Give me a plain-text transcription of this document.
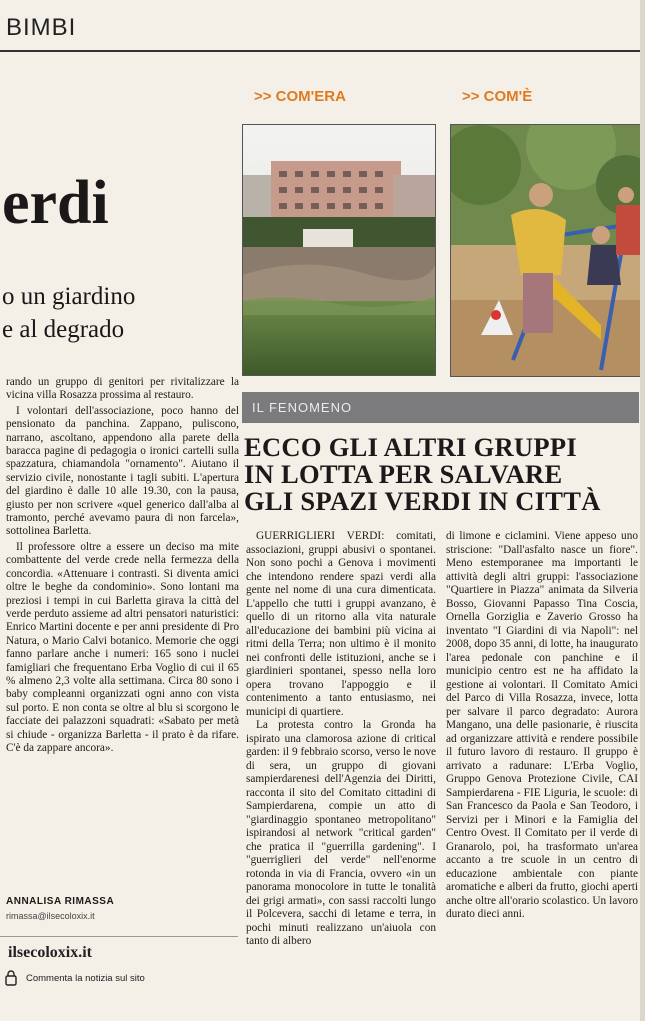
BIMBI
erdi
o un giardino
e al degrado

rando un gruppo di genitori per rivitalizzare la vicina villa Rosazza prossima al restauro.

I volontari dell'associazione, poco hanno del pensionato da panchina. Zappano, puliscono, narrano, ascoltano, appendono alla parete della baracca pagine di pedagogia o ironici cartelli sulla spazzatura, chiamandola "ornamento". Aiutano il servizio civile, nonostante i tagli subiti. L'apertura del giardino è dalle 10 alle 19.30, con la pausa, giusto per non scrivere «quel generico dall'alba al tramonto, perché avevamo paura di non farcela», sottolinea Barletta.

Il professore oltre a essere un deciso ma mite combattente del verde crede nella fermezza della concordia. «Attenuare i contrasti. Si diventa amici oltre le beghe da condominio». Sono lontani ma preziosi i tempi in cui Barletta girava la città del verde perduto assieme ad altri pensatori naturistici: Enrico Martini docente e per anni presidente di Pro Natura, o Mario Calvi botanico. Memorie che oggi fanno parlare anche i numeri: 165 sono i nuclei famigliari che frequentano Erba Voglio di cui il 65 % almeno 2,3 volte alla settimana. Circa 80 sono i baby compleanni organizzati ogni anno con vista sul porto. E non conta se oltre al blu si scorgono le facciate dei palazzoni squadrati: «Sabato per metà si chiude - organizza Barletta - il prato è da rifare. C'è da zappare ancora».

ANNALISA RIMASSA
rimassa@ilsecoloxix.it
ilsecoloxix.it
Commenta la notizia sul sito
>> COM'ERA	>> COM'È
IL FENOMENO
ECCO GLI ALTRI GRUPPI
IN LOTTA PER SALVARE
GLI SPAZI VERDI IN CITTÀ

GUERRIGLIERI VERDI: comitati, associazioni, gruppi abusivi o spontanei. Non sono pochi a Genova i movimenti che intendono rendere spazi verdi alla gente nel nome di una cura dimenticata. L'appello che tutti i gruppi avanzano, è quello di un ritorno alla vita naturale all'educazione dei bambini più vicina ai ritmi della Terra; non ultimo è il monito nei confronti delle istituzioni, anche se i giardinieri spontanei, spesso nella loro opera trovano l'appoggio e il contenimento a tanto entusiasmo, nei municipi di quartiere.

La protesta contro la Gronda ha ispirato una clamorosa azione di critical garden: il 9 febbraio scorso, verso le nove di sera, un gruppo di giovani sampierdarenesi dell'Agenzia dei Diritti, racconta il sito del Comitato cittadini di Sampierdarena, compie un atto di "giardinaggio spontaneo metropolitano" ispirandosi al network "critical garden" che pratica il "guerrilla gardening". I "guerriglieri del verde" nell'enorme rotonda in via di Francia, ovvero «in un panorama monocolore in tutte le tonalità dei grigi armati», con sassi raccolti lungo il Polcevera, sacchi di letame e terra, in pochi minuti realizzano un'aiuola con tanto di albero

di limone e ciclamini. Viene appeso uno striscione: "Dall'asfalto nasce un fiore". Meno estemporanee ma importanti le attività degli altri gruppi: l'associazione "Quartiere in Piazza" animata da Silveria Bosso, Giovanni Papasso Tina Coscia, Ornella Gorziglia e Zaverio Grosso ha inventato "I Giardini di via Napoli": nel 2008, dopo 35 anni, di lotte, ha inaugurato l'area pedonale con panchine e il municipio centro est ne ha affidato la gestione ai volontari. Il Comitato Amici del Parco di Villa Rosazza, invece, lotta per salvare il parco degradato: Aurora Mangano, una delle pasionarie, è riuscita ad organizzare attività e rendere possibile il futuro lavoro di restauro. Il gruppo è arrivato a radunare: L'Erba Voglio, Gruppo Genova Protezione Civile, CAI Sampierdarena - FIE Liguria, le scuole: di San Francesco da Paola e San Teodoro, i Servizi per i Minori e la Famiglia del Centro Ovest. Il Comitato per il verde di Granarolo, poi, ha trasformato un'area accanto a tre scuole in un centro di educazione ambientale con piante aromatiche e alberi da frutto, giochi aperti anche oltre all'orario scolastico. Un lavoro durato dieci anni.
